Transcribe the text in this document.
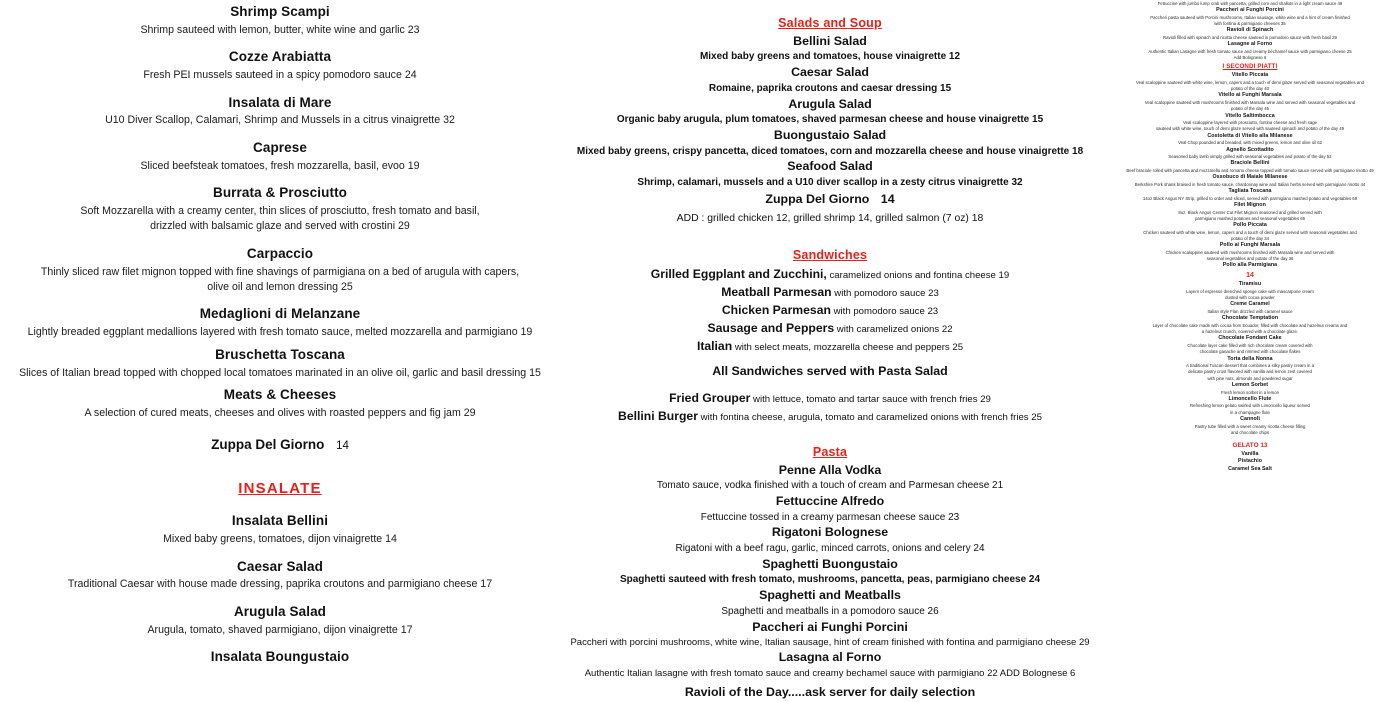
Shrimp Scampi
Shrimp sauteed with lemon, butter, white wine and garlic 23
Cozze Arabiatta
Fresh PEI mussels sauteed in a spicy pomodoro sauce 24
Insalata di Mare
U10 Diver Scallop, Calamari, Shrimp and Mussels in a citrus vinaigrette 32
Caprese
Sliced beefsteak tomatoes, fresh mozzarella, basil, evoo 19
Burrata & Prosciutto
Soft Mozzarella with a creamy center, thin slices of prosciutto, fresh tomato and basil,
drizzled with balsamic glaze and served with crostini 29
Carpaccio
Thinly sliced raw filet mignon topped with fine shavings of parmigiana on a bed of arugula with capers,
olive oil and lemon dressing 25
Medaglioni di Melanzane
Lightly breaded eggplant medallions layered with fresh tomato sauce, melted mozzarella and parmigiano 19
Bruschetta Toscana
Slices of Italian bread topped with chopped local tomatoes marinated in an olive oil, garlic and basil dressing 15
Meats & Cheeses
A selection of cured meats, cheeses and olives with roasted peppers and fig jam 29
Zuppa Del Giorno 14
INSALATE
Insalata Bellini
Mixed baby greens, tomatoes, dijon vinaigrette 14
Caesar Salad
Traditional Caesar with house made dressing, paprika croutons and parmigiano cheese 17
Arugula Salad
Arugula, tomato, shaved parmigiano, dijon vinaigrette 17
Insalata Boungustaio
Salads and Soup
Bellini Salad
Mixed baby greens and tomatoes, house vinaigrette 12
Caesar Salad
Romaine, paprika croutons and caesar dressing 15
Arugula Salad
Organic baby arugula, plum tomatoes, shaved parmesan cheese and house vinaigrette 15
Buongustaio Salad
Mixed baby greens, crispy pancetta, diced tomatoes, corn and mozzarella cheese and house vinaigrette 18
Seafood Salad
Shrimp, calamari, mussels and a U10 diver scallop in a zesty citrus vinaigrette 32
Zuppa Del Giorno 14
ADD : grilled chicken 12, grilled shrimp 14, grilled salmon (7 oz) 18
Sandwiches
Grilled Eggplant and Zucchini, caramelized onions and fontina cheese 19
Meatball Parmesan with pomodoro sauce 23
Chicken Parmesan with pomodoro sauce 23
Sausage and Peppers with caramelized onions 22
Italian with select meats, mozzarella cheese and peppers 25
All Sandwiches served with Pasta Salad
Fried Grouper with lettuce, tomato and tartar sauce with french fries 29
Bellini Burger with fontina cheese, arugula, tomato and caramelized onions with french fries 25
Pasta
Penne Alla Vodka
Tomato sauce, vodka finished with a touch of cream and Parmesan cheese 21
Fettuccine Alfredo
Fettuccine tossed in a creamy parmesan cheese sauce 23
Rigatoni Bolognese
Rigatoni with a beef ragu, garlic, minced carrots, onions and celery 24
Spaghetti Buongustaio
Spaghetti sauteed with fresh tomato, mushrooms, pancetta, peas, parmigiano cheese 24
Spaghetti and Meatballs
Spaghetti and meatballs in a pomodoro sauce 26
Paccheri ai Funghi Porcini
Paccheri with porcini mushrooms, white wine, Italian sausage, hint of cream finished with fontina and parmigiano cheese 29
Lasagna al Forno
Authentic Italian lasagne with fresh tomato sauce and creamy bechamel sauce with parmigiano 22 ADD Bolognese 6
Ravioli of the Day.....ask server for daily selection
Fettuccine with jumbo lump crab with pancetta, grilled corn and shallots in a light cream sauce 49
Paccheri ai Funghi Porcini
Paccheri pasta sauteed with Porcini mushrooms, Italian sausage, white wine and a hint of cream finished
with fontina & parmigiano cheeses 35
Ravioli di Spinach
Ravioli filled with spinach and ricotta cheese sauteed in pomodoro sauce with fresh basil 29
Lasagne al Forno
Authentic Italian Lasagne with fresh tomato sauce and creamy béchamel sauce with parmigiano cheese 25
Add Bolognese 6
I SECONDI PIATTI
Vitello Piccata
Veal scaloppine sauteed with white wine, lemon, capers and a touch of demi glaze served with seasonal vegetables and
potato of the day 40
Vitello ai Funghi Marsala
Veal scaloppine sauteed with mushrooms finished with Marsala wine and served with seasonal vegetables and
potato of the day 45
Vitello Saltimbocca
Veal scaloppine layered with prosciutto, fontina cheese and fresh sage
sauteed with white wine, touch of demi glaze served with sauteed spinach and potato of the day 49
Costoletta di Vitello alla Milanese
Veal Chop pounded and breaded, with mixed greens, lemon and olive oil 62
Agnello Scottadito
Seasoned baby lamb simply grilled with seasonal vegetables and potato of the day 52
Braciole Bellini
Beef braciole rolled with pancetta and mozzarella and romano cheese topped with tomato sauce served with parmigiano risotto 49
Ossobuco di Maiale Milanese
Berkshire Pork shank braised in fresh tomato sauce, chardonnay wine and Italian herbs served with parmigiano risotto 44
Tagliata Toscana
14oz Black Angus NY Strip, grilled to order and sliced, served with parmigiano mashed potato and vegetables 69
Filet Mignon
8oz. Black Angus Center Cut Filet Mignon seasoned and grilled served with
parmigiano mashed potatoes and seasonal vegetables 65
Pollo Piccata
Chicken sauteed with white wine, lemon, capers and a touch of demi glaze served with seasonal vegetables and
potato of the day 34
Pollo ai Funghi Marsala
Chicken scaloppine sauteed with mushrooms finished with Marsala wine and served with
seasonal vegetables and potato of the day 36
Pollo alla Parmigiana
14
Tiramisu
Layers of espresso drenched sponge cake with mascarpone cream
dusted with cocoa powder
Creme Caramel
Italian style Flan drizzled with caramel sauce
Chocolate Temptation
Layer of chocolate cake made with cocoa from Ecuador, filled with chocolate and hazelnut creams and
a hazelnut crunch, covered with a chocolate glaze.
Chocolate Fondant Cake
Chocolate layer cake filled with rich chocolate cream covered with
chocolate ganache and rimmed with chocolate flakes
Torta della Nonna
A traditional Tuscan dessert that combines a silky pastry cream in a
delicate pastry crust flavored with vanilla and lemon zest covered
with pine nuts, almonds and powdered sugar
Lemon Sorbet
Fresh lemon sorbet in a lemon
Limoncello Flute
Refreshing lemon gelato swirled with Limoncello liqueur served
in a champagne flute
Cannoli
Pastry tube filled with a sweet creamy ricotta cheese filling
and chocolate chips
GELATO 13
Vanilla
Pistachio
Caramel Sea Salt
